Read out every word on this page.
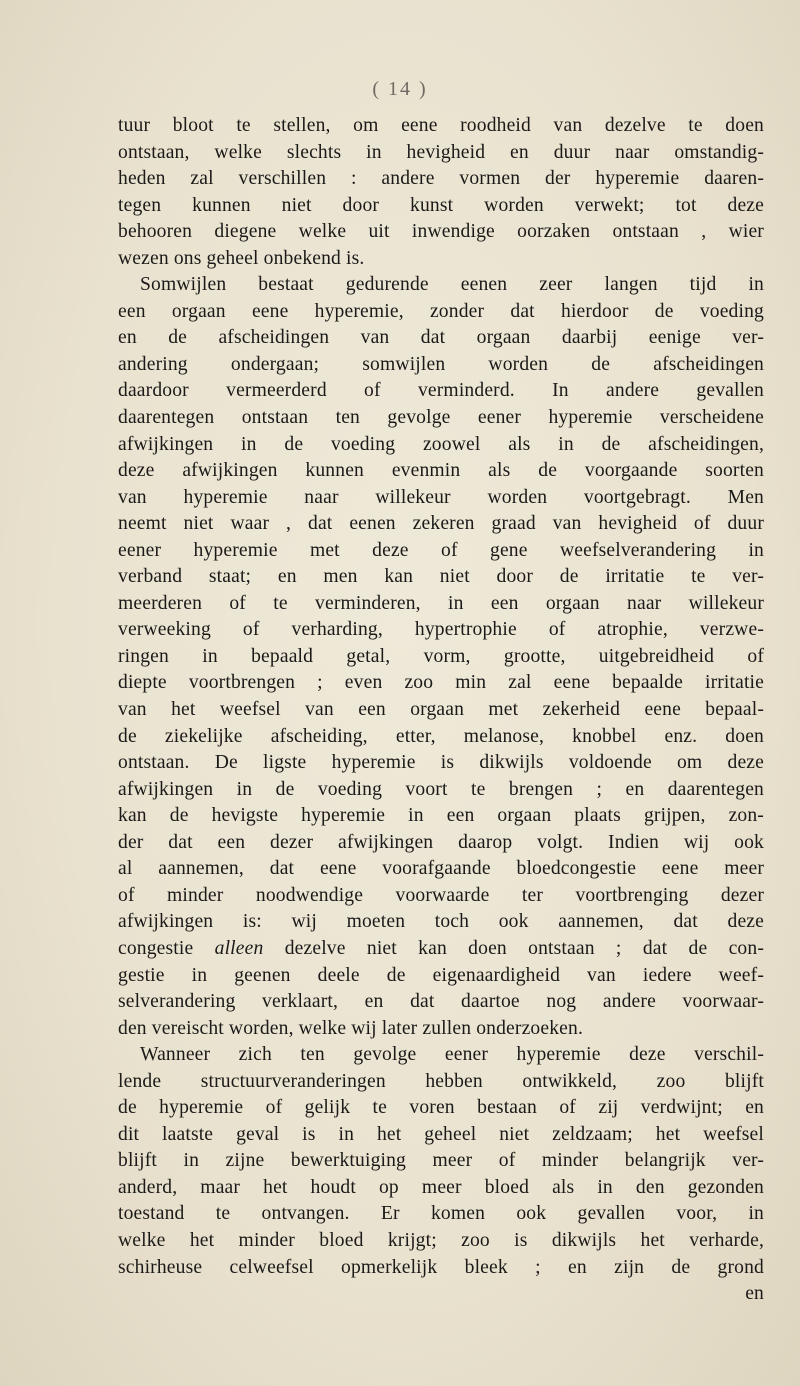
( 14 )
tuur bloot te stellen, om eene roodheid van dezelve te doen
ontstaan, welke slechts in hevigheid en duur naar omstandig-
heden zal verschillen : andere vormen der hyperemie daaren-
tegen kunnen niet door kunst worden verwekt; tot deze
behooren diegene welke uit inwendige oorzaken ontstaan , wier
wezen ons geheel onbekend is.
Somwijlen bestaat gedurende eenen zeer langen tijd in
een orgaan eene hyperemie, zonder dat hierdoor de voeding
en de afscheidingen van dat orgaan daarbij eenige ver-
andering ondergaan; somwijlen worden de afscheidingen
daardoor vermeerderd of verminderd. In andere gevallen
daarentegen ontstaan ten gevolge eener hyperemie verscheidene
afwijkingen in de voeding zoowel als in de afscheidingen,
deze afwijkingen kunnen evenmin als de voorgaande soorten
van hyperemie naar willekeur worden voortgebragt. Men
neemt niet waar , dat eenen zekeren graad van hevigheid of duur
eener hyperemie met deze of gene weefselverandering in
verband staat; en men kan niet door de irritatie te ver-
meerderen of te verminderen, in een orgaan naar willekeur
verweeking of verharding, hypertrophie of atrophie, verzwe-
ringen in bepaald getal, vorm, grootte, uitgebreidheid of
diepte voortbrengen ; even zoo min zal eene bepaalde irritatie
van het weefsel van een orgaan met zekerheid eene bepaal-
de ziekelijke afscheiding, etter, melanose, knobbel enz. doen
ontstaan. De ligste hyperemie is dikwijls voldoende om deze
afwijkingen in de voeding voort te brengen ; en daarentegen
kan de hevigste hyperemie in een orgaan plaats grijpen, zon-
der dat een dezer afwijkingen daarop volgt. Indien wij ook
al aannemen, dat eene voorafgaande bloedcongestie eene meer
of minder noodwendige voorwaarde ter voortbrenging dezer
afwijkingen is: wij moeten toch ook aannemen, dat deze
congestie alleen dezelve niet kan doen ontstaan ; dat de con-
gestie in geenen deele de eigenaardigheid van iedere weef-
selverandering verklaart, en dat daartoe nog andere voorwaar-
den vereischt worden, welke wij later zullen onderzoeken.
Wanneer zich ten gevolge eener hyperemie deze verschil-
lende structuurveranderingen hebben ontwikkeld, zoo blijft
de hyperemie of gelijk te voren bestaan of zij verdwijnt; en
dit laatste geval is in het geheel niet zeldzaam; het weefsel
blijft in zijne bewerktuiging meer of minder belangrijk ver-
anderd, maar het houdt op meer bloed als in den gezonden
toestand te ontvangen. Er komen ook gevallen voor, in
welke het minder bloed krijgt; zoo is dikwijls het verharde,
schirheuse celweefsel opmerkelijk bleek ; en zijn de grond
en
